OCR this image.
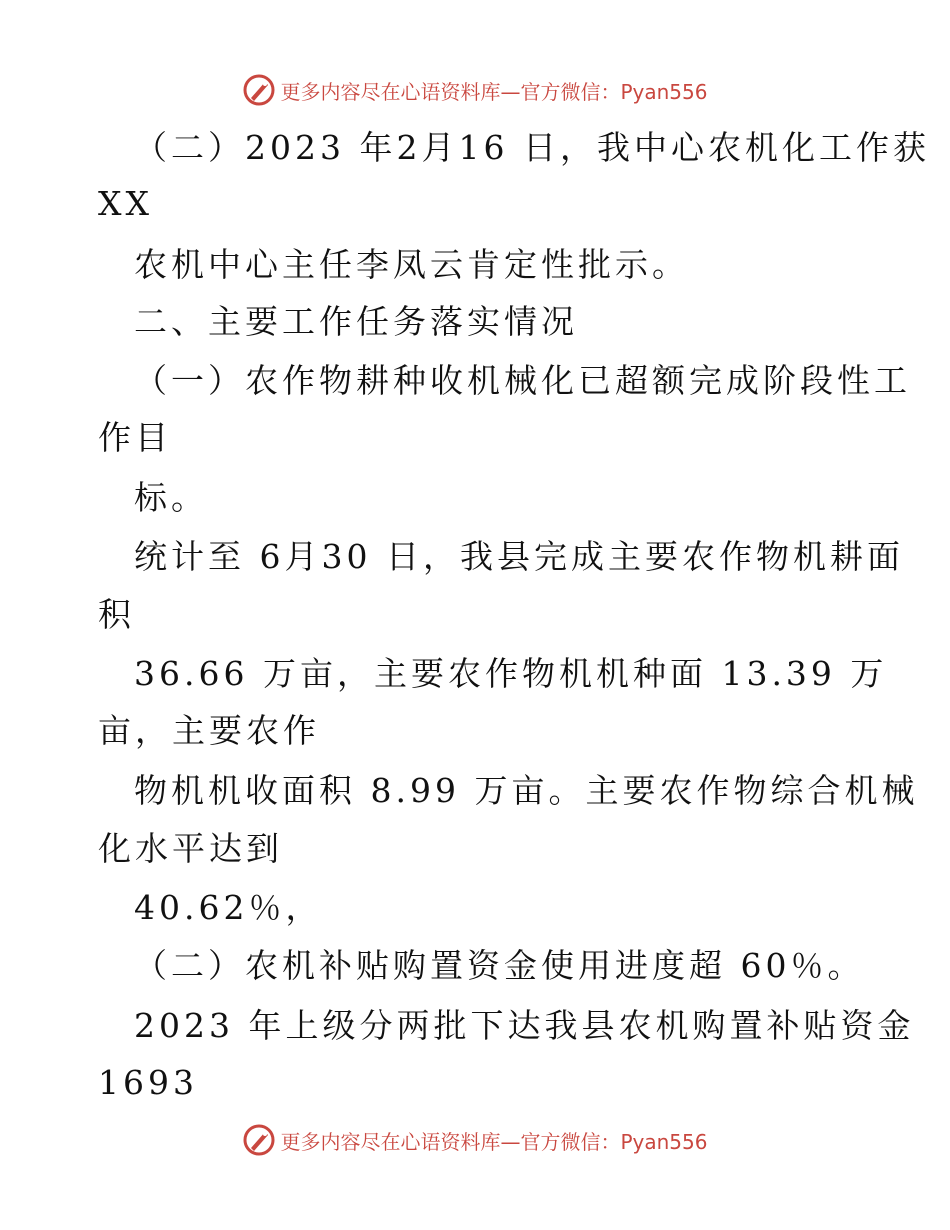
更多内容尽在心语资料库—官方微信：Pyan556
（二）2023 年2月16 日，我中心农机化工作获
XX
农机中心主任李凤云肯定性批示。
二、主要工作任务落实情况
（一）农作物耕种收机械化已超额完成阶段性工
作目
标。
统计至 6月30 日，我县完成主要农作物机耕面
积
36.66 万亩，主要农作物机机种面 13.39 万
亩，主要农作
物机机收面积 8.99 万亩。主要农作物综合机械
化水平达到
40.62％，
（二）农机补贴购置资金使用进度超 60％。
2023 年上级分两批下达我县农机购置补贴资金
1693
更多内容尽在心语资料库—官方微信：Pyan556
